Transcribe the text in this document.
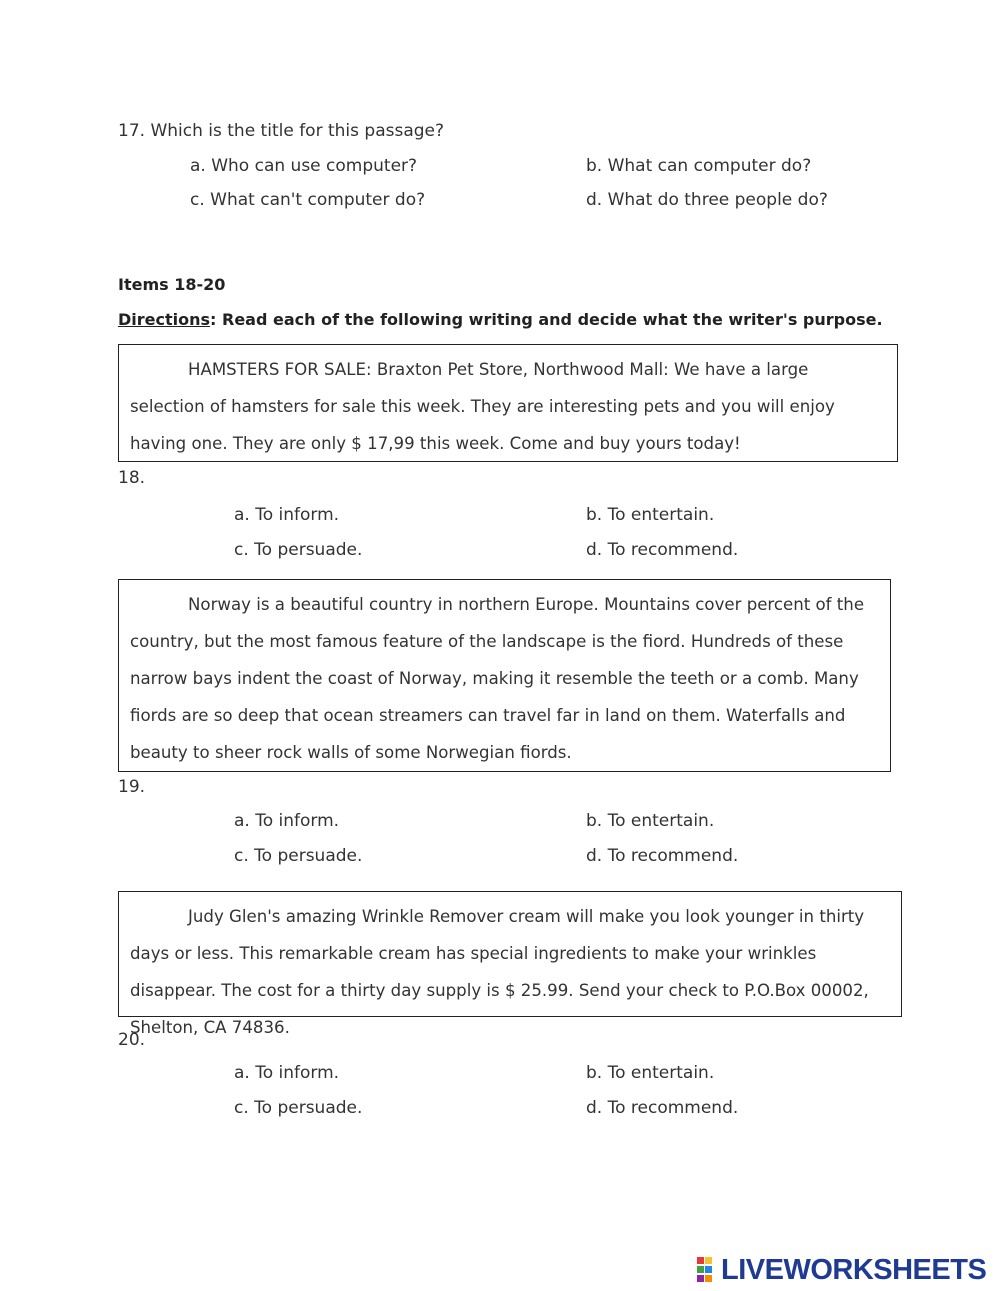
17. Which is the title for this passage?
a. Who can use computer?	b. What can computer do?
c. What can't computer do?	d. What do three people do?
Items 18-20
Directions: Read each of the following writing and decide what the writer's purpose.

HAMSTERS FOR SALE: Braxton Pet Store, Northwood Mall: We have a large selection of hamsters for sale this week. They are interesting pets and you will enjoy having one. They are only $ 17,99 this week. Come and buy yours today!

18.
a. To inform.	b. To entertain.
c. To persuade.	d. To recommend.

Norway is a beautiful country in northern Europe. Mountains cover percent of the country, but the most famous feature of the landscape is the fiord. Hundreds of these narrow bays indent the coast of Norway, making it resemble the teeth or a comb. Many fiords are so deep that ocean streamers can travel far in land on them. Waterfalls and beauty to sheer rock walls of some Norwegian fiords.

19.
a. To inform.	b. To entertain.
c. To persuade.	d. To recommend.

Judy Glen's amazing Wrinkle Remover cream will make you look younger in thirty days or less. This remarkable cream has special ingredients to make your wrinkles disappear. The cost for a thirty day supply is $ 25.99. Send your check to P.O.Box 00002, Shelton, CA 74836.

20.
a. To inform.	b. To entertain.
c. To persuade.	d. To recommend.
LIVEWORKSHEETS
